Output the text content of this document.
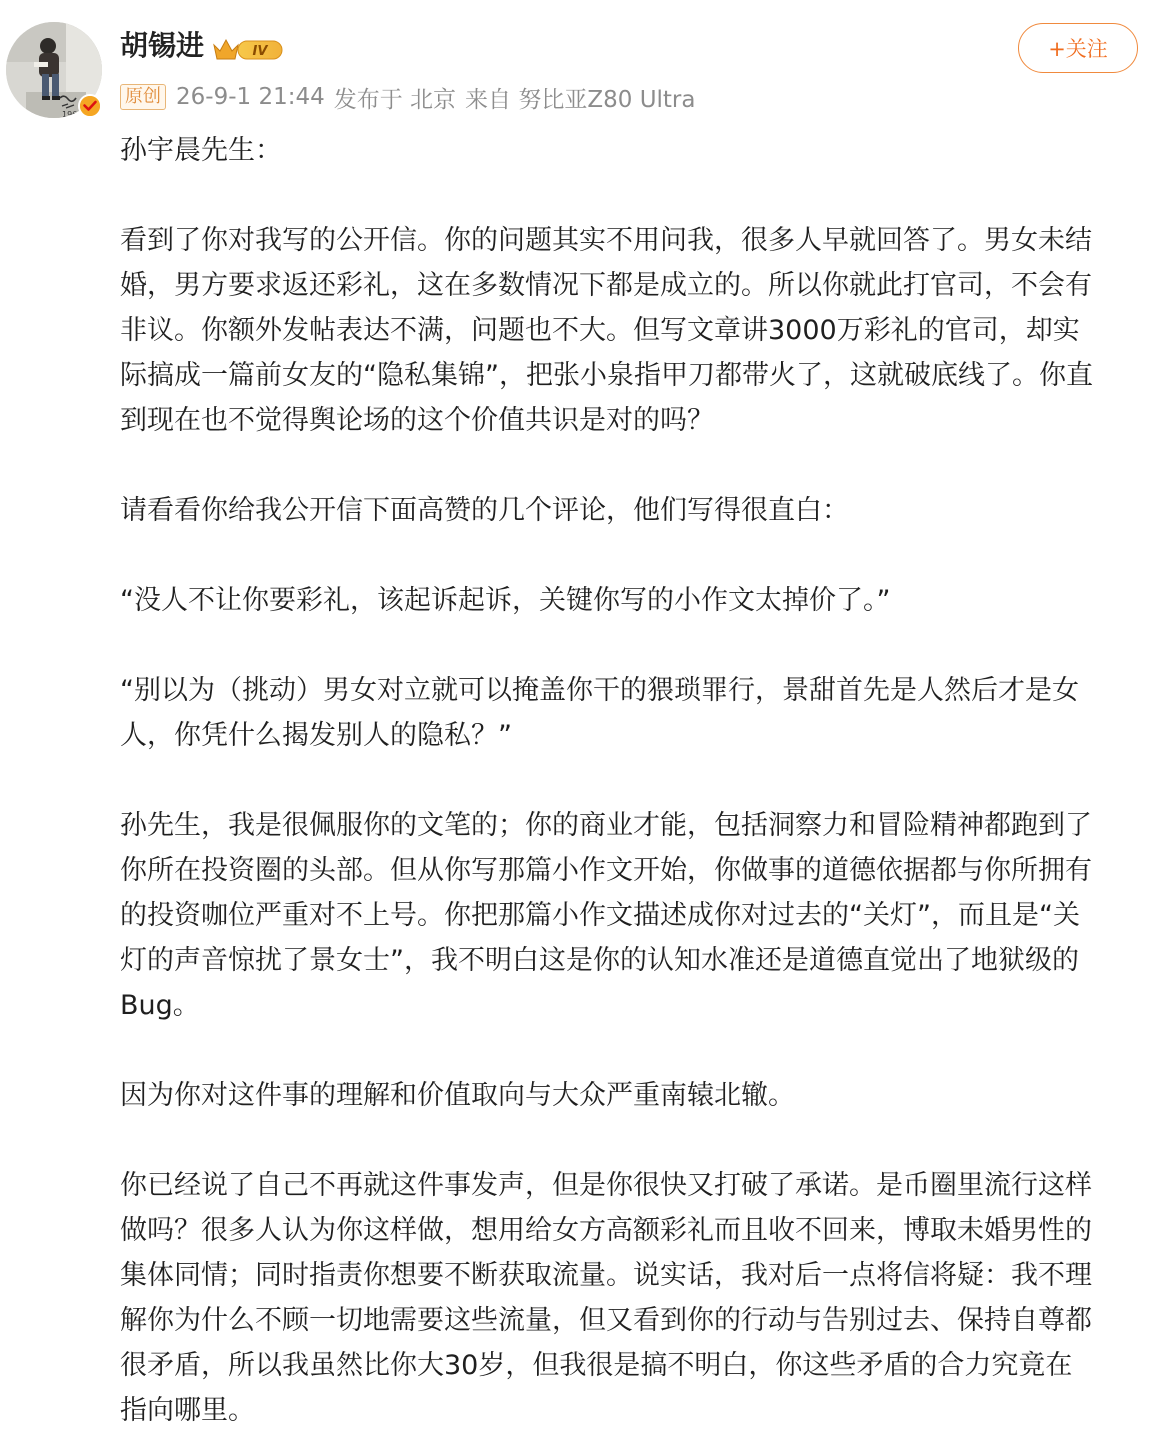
196
胡锡进	IV	+关注
原创 26-9-1 21:44 发布于 北京 来自 努比亚Z80 Ultra
孙宇晨先生：
看到了你对我写的公开信。你的问题其实不用问我，很多人早就回答了。男女未结
婚，男方要求返还彩礼，这在多数情况下都是成立的。所以你就此打官司，不会有
非议。你额外发帖表达不满，问题也不大。但写文章讲3000万彩礼的官司，却实
际搞成一篇前女友的“隐私集锦”，把张小泉指甲刀都带火了，这就破底线了。你直
到现在也不觉得舆论场的这个价值共识是对的吗？
请看看你给我公开信下面高赞的几个评论，他们写得很直白：
“没人不让你要彩礼，该起诉起诉，关键你写的小作文太掉价了。”
“别以为（挑动）男女对立就可以掩盖你干的猥琐罪行，景甜首先是人然后才是女
人，你凭什么揭发别人的隐私？”
孙先生，我是很佩服你的文笔的；你的商业才能，包括洞察力和冒险精神都跑到了
你所在投资圈的头部。但从你写那篇小作文开始，你做事的道德依据都与你所拥有
的投资咖位严重对不上号。你把那篇小作文描述成你对过去的“关灯”，而且是“关
灯的声音惊扰了景女士”，我不明白这是你的认知水准还是道德直觉出了地狱级的
Bug。
因为你对这件事的理解和价值取向与大众严重南辕北辙。
你已经说了自己不再就这件事发声，但是你很快又打破了承诺。是币圈里流行这样
做吗？很多人认为你这样做，想用给女方高额彩礼而且收不回来，博取未婚男性的
集体同情；同时指责你想要不断获取流量。说实话，我对后一点将信将疑：我不理
解你为什么不顾一切地需要这些流量，但又看到你的行动与告别过去、保持自尊都
很矛盾，所以我虽然比你大30岁，但我很是搞不明白，你这些矛盾的合力究竟在
指向哪里。
